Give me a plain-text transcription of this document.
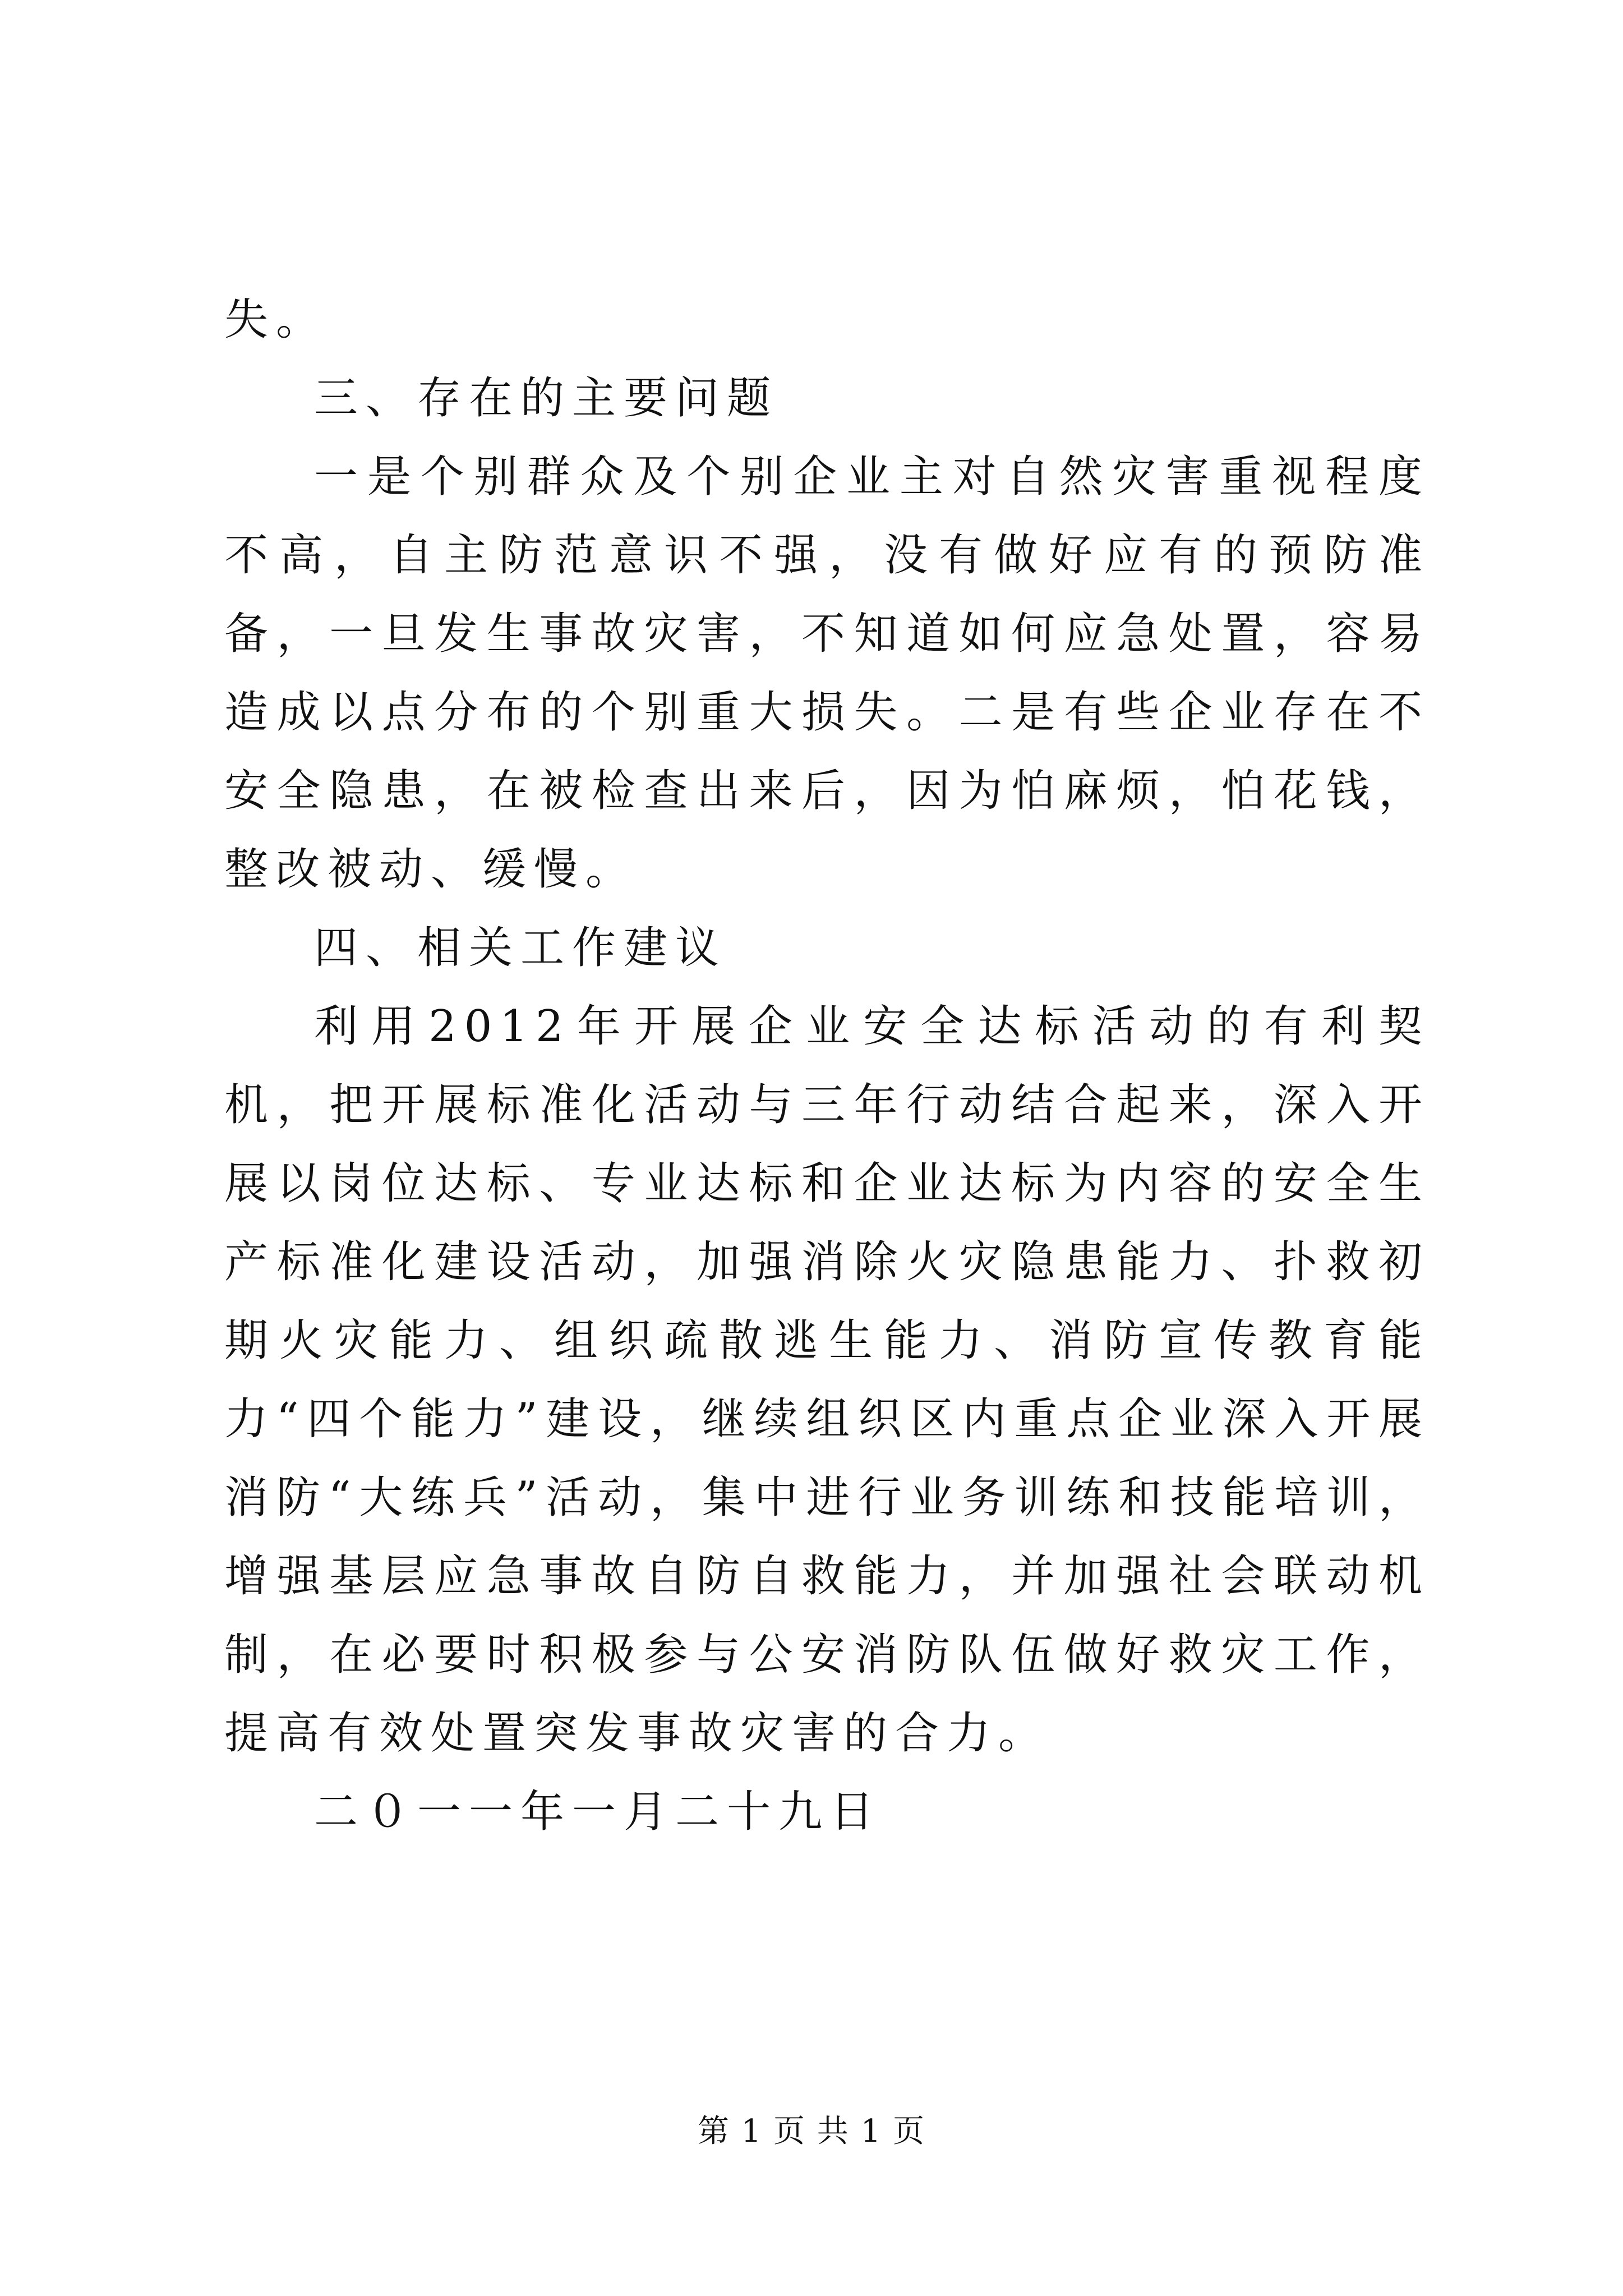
失。

三、存在的主要问题

一是个别群众及个别企业主对自然灾害重视程度不高，自主防范意识不强，没有做好应有的预防准备，一旦发生事故灾害，不知道如何应急处置，容易造成以点分布的个别重大损失。二是有些企业存在不安全隐患，在被检查出来后，因为怕麻烦，怕花钱，整改被动、缓慢。

四、相关工作建议

利用2012年开展企业安全达标活动的有利契机，把开展标准化活动与三年行动结合起来，深入开展以岗位达标、专业达标和企业达标为内容的安全生产标准化建设活动，加强消除火灾隐患能力、扑救初期火灾能力、组织疏散逃生能力、消防宣传教育能力“四个能力”建设，继续组织区内重点企业深入开展消防“大练兵”活动，集中进行业务训练和技能培训，增强基层应急事故自防自救能力，并加强社会联动机制，在必要时积极参与公安消防队伍做好救灾工作，提高有效处置突发事故灾害的合力。

二０一一年一月二十九日

第 1 页 共 1 页
